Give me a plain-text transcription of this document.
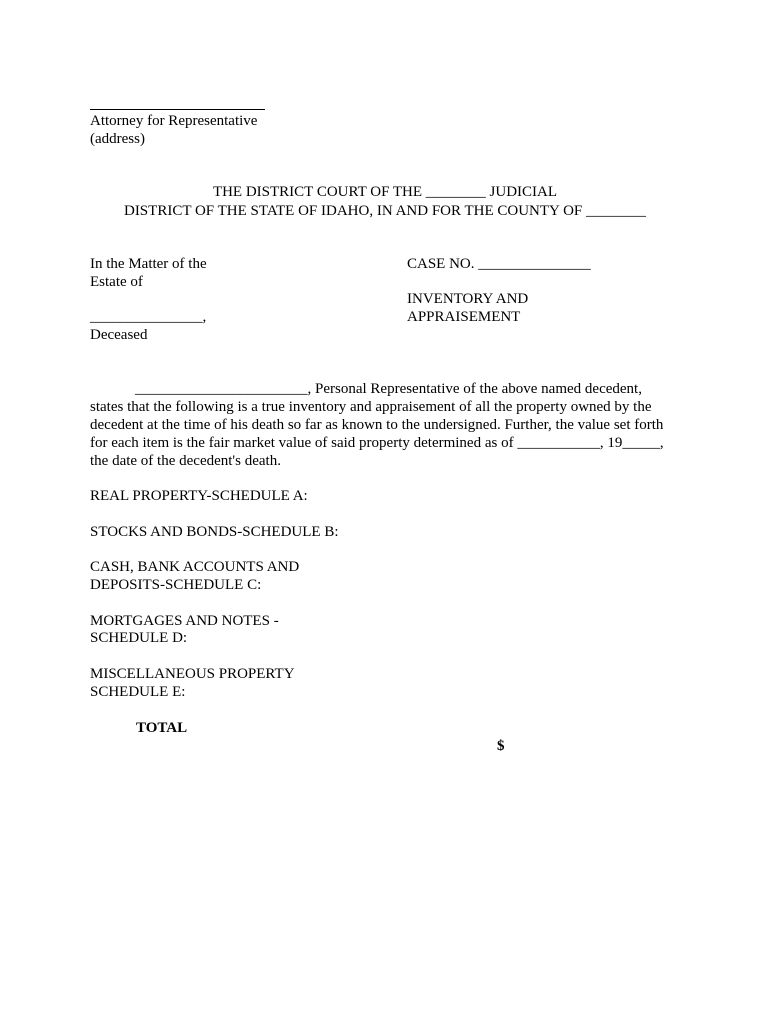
Attorney for Representative
(address)
THE DISTRICT COURT OF THE ________ JUDICIAL
DISTRICT OF THE STATE OF IDAHO, IN AND FOR THE COUNTY OF ________
In the Matter of the
Estate of
_______________,
Deceased
CASE NO. _______________
INVENTORY AND
APPRAISEMENT
_______________________, Personal Representative of the above named decedent,
states that the following is a true inventory and appraisement of all the property owned by the
decedent at the time of his death so far as known to the undersigned. Further, the value set forth
for each item is the fair market value of said property determined as of ___________, 19_____,
the date of the decedent's death.
REAL PROPERTY-SCHEDULE A:
STOCKS AND BONDS-SCHEDULE B:
CASH, BANK ACCOUNTS AND
DEPOSITS-SCHEDULE C:
MORTGAGES AND NOTES -
SCHEDULE D:
MISCELLANEOUS PROPERTY
SCHEDULE E:
TOTAL
$
